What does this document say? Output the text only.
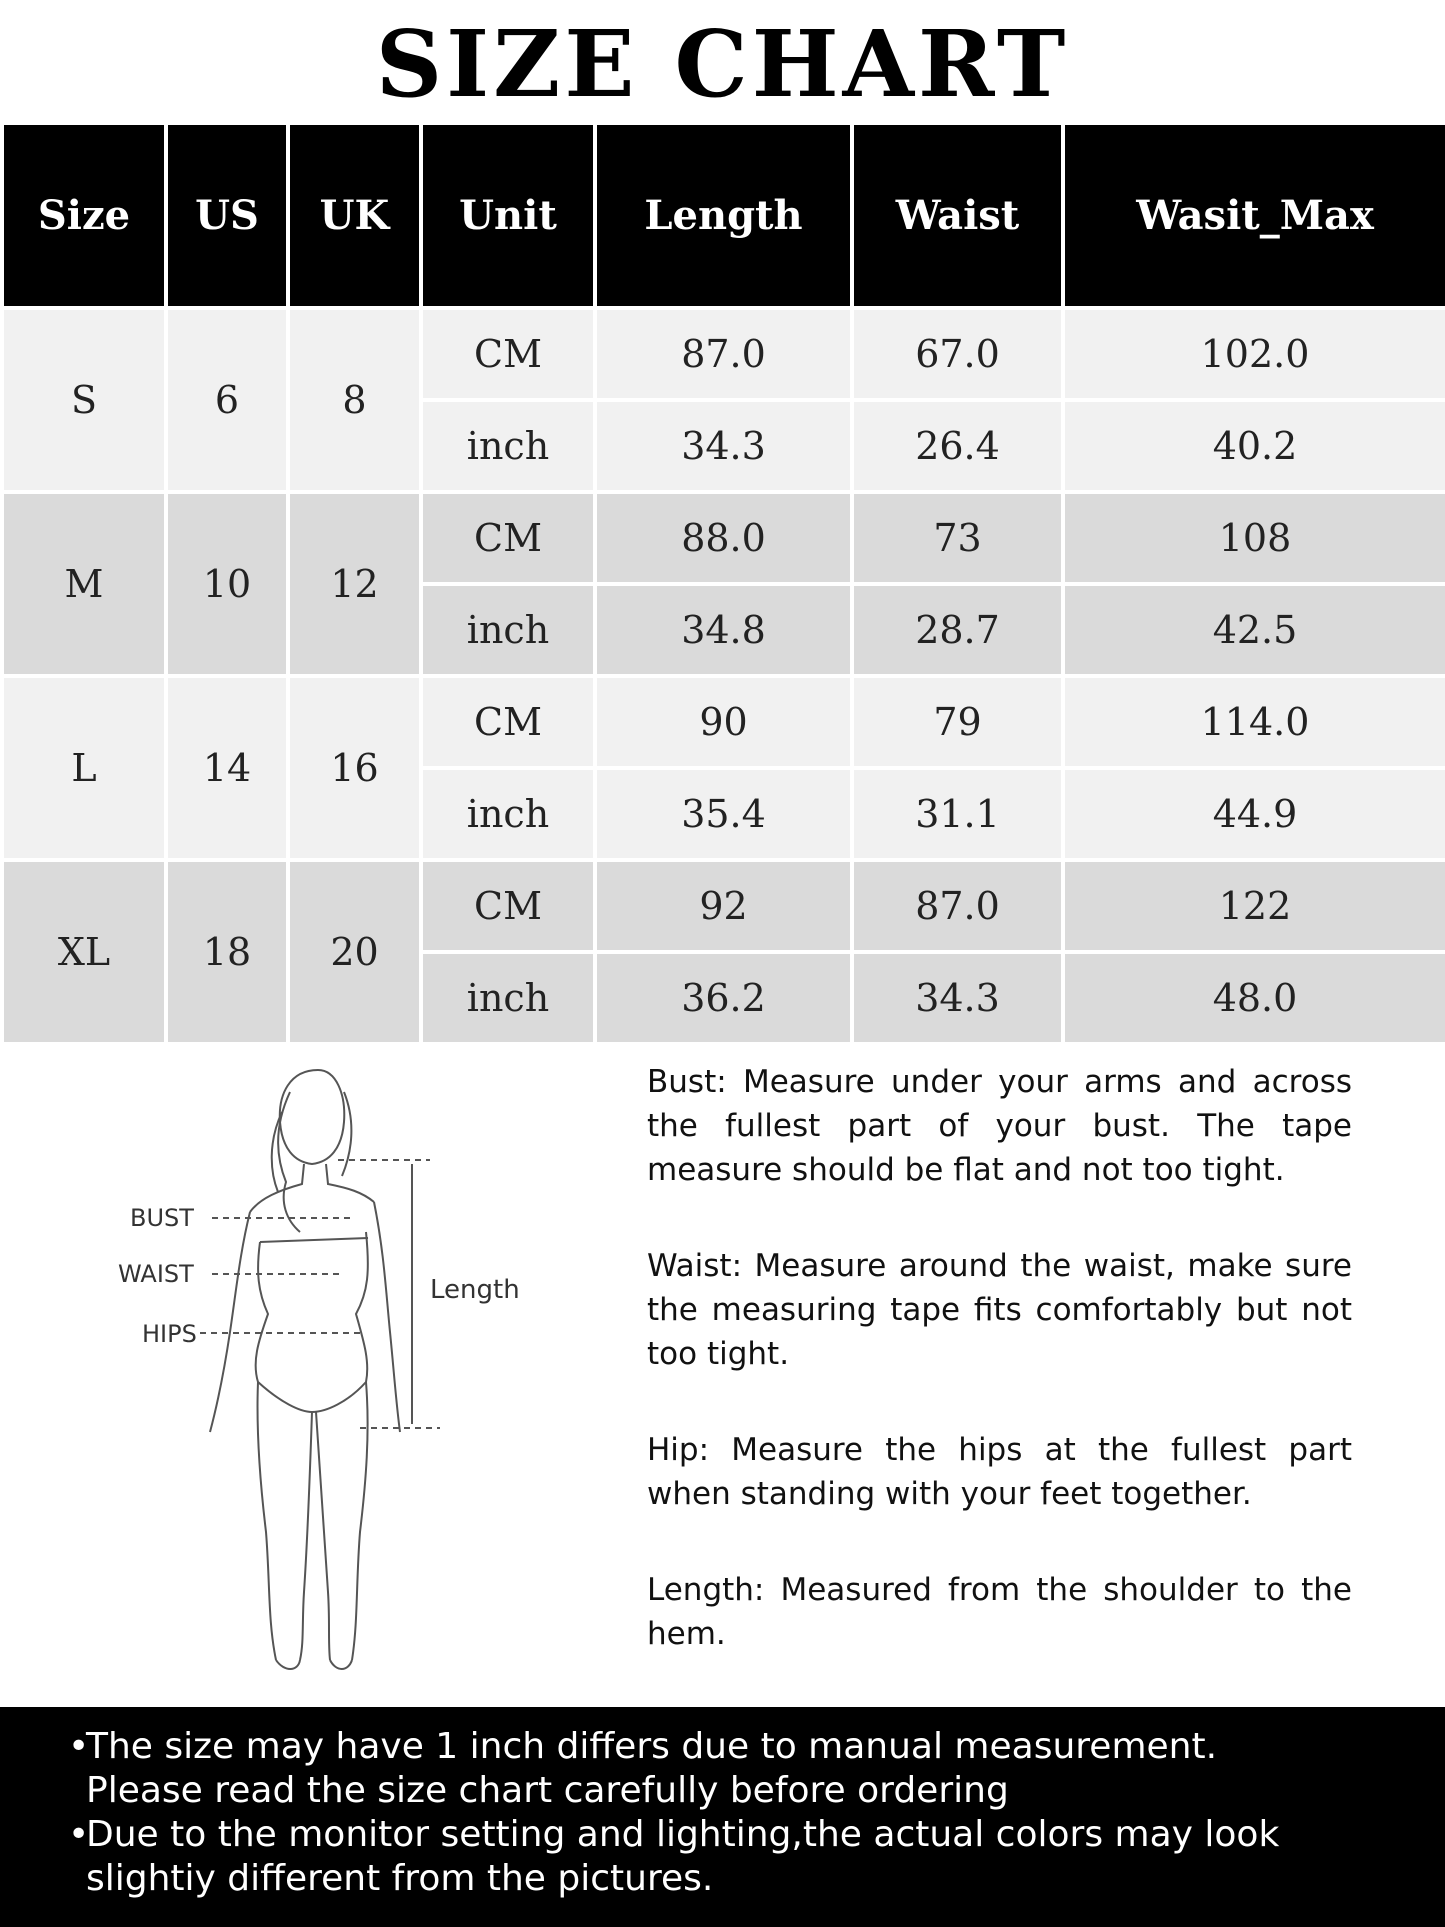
SIZE CHART
Size	US	UK	Unit	Length	Waist	Wasit_Max
S	6	8	CM	87.0	67.0	102.0
			inch	34.3	26.4	40.2
M	10	12	CM	88.0	73	108
			inch	34.8	28.7	42.5
L	14	16	CM	90	79	114.0
			inch	35.4	31.1	44.9
XL	18	20	CM	92	87.0	122
			inch	36.2	34.3	48.0
BUST
WAIST
HIPS
Length

Bust: Measure under your arms and across the fullest part of your bust. The tape measure should be flat and not too tight.

Waist: Measure around the waist, make sure the measuring tape fits comfortably but not too tight.

Hip: Measure the hips at the fullest part when standing with your feet together.

Length: Measured from the shoulder to the hem.

•
The size may have 1 inch differs due to manual measurement.
Please read the size chart carefully before ordering
•
Due to the monitor setting and lighting,the actual colors may look
slightiy different from the pictures.
